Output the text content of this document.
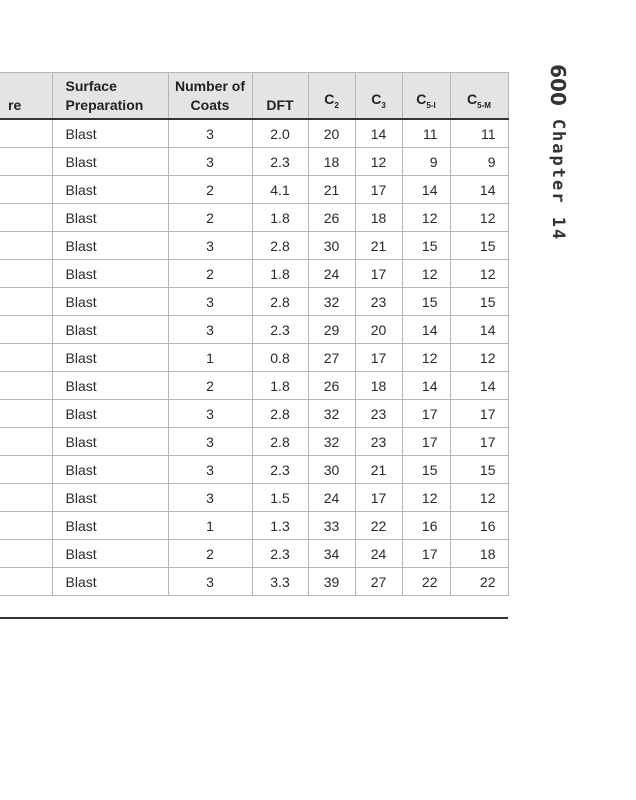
re	Surface Preparation	Number of Coats	DFT	$C_2$	$C_3$	$C_{5-I}$	$C_{5-M}$

	Blast	3	2.0	20	14	11	11
	Blast	3	2.3	18	12	9	9
	Blast	2	4.1	21	17	14	14
	Blast	2	1.8	26	18	12	12
	Blast	3	2.8	30	21	15	15
	Blast	2	1.8	24	17	12	12
	Blast	3	2.8	32	23	15	15
	Blast	3	2.3	29	20	14	14
	Blast	1	0.8	27	17	12	12
	Blast	2	1.8	26	18	14	14
	Blast	3	2.8	32	23	17	17
	Blast	3	2.8	32	23	17	17
	Blast	3	2.3	30	21	15	15
	Blast	3	1.5	24	17	12	12
	Blast	1	1.3	33	22	16	16
	Blast	2	2.3	34	24	17	18
	Blast	3	3.3	39	27	22	22
600
Chapter 14
